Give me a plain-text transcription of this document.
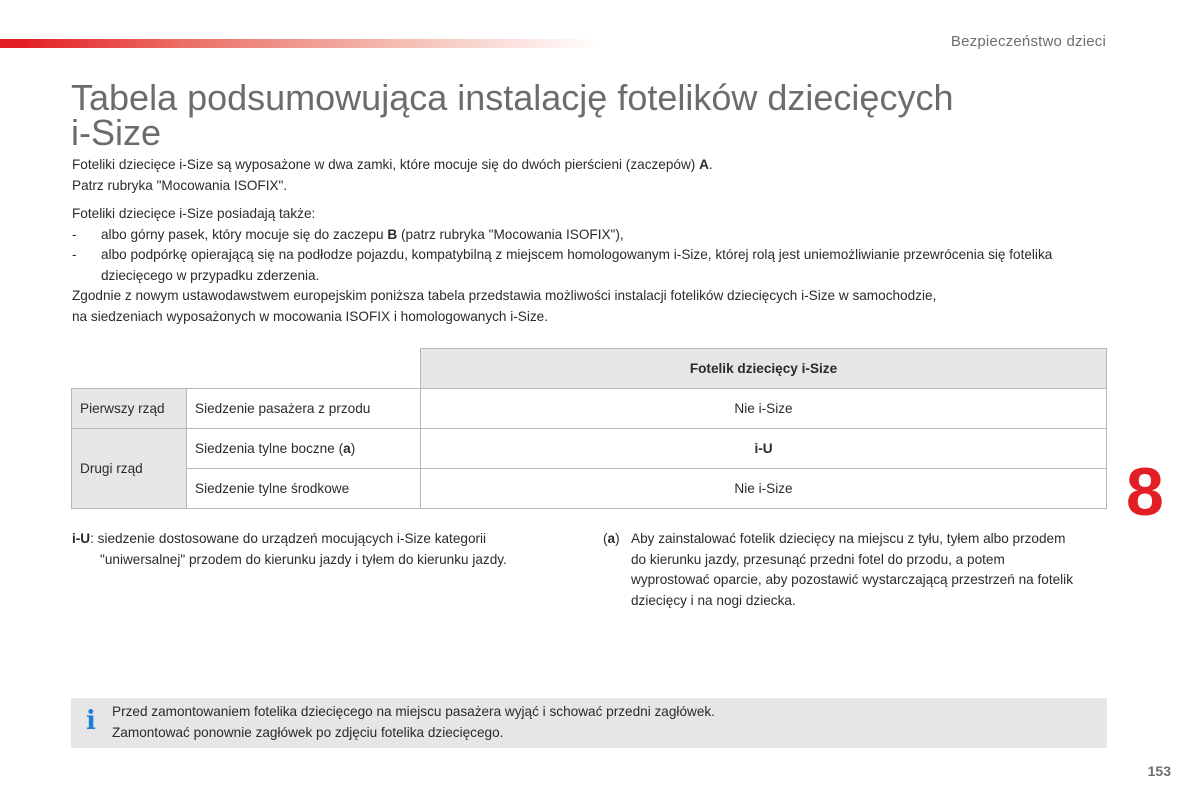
Bezpieczeństwo dzieci
Tabela podsumowująca instalację fotelików dziecięcych
i-Size

Foteliki dziecięce i-Size są wyposażone w dwa zamki, które mocuje się do dwóch pierścieni (zaczepów) A.

Patrz rubryka "Mocowania ISOFIX".

Foteliki dziecięce i-Size posiadają także:

- albo górny pasek, który mocuje się do zaczepu B (patrz rubryka "Mocowania ISOFIX"),

- albo podpórkę opierającą się na podłodze pojazdu, kompatybilną z miejscem homologowanym i-Size, której rolą jest uniemożliwianie przewrócenia się fotelika dziecięcego w przypadku zderzenia.

Zgodnie z nowym ustawodawstwem europejskim poniższa tabela przedstawia możliwości instalacji fotelików dziecięcych i-Size w samochodzie,
na siedzeniach wyposażonych w mocowania ISOFIX i homologowanych i-Size.

		Fotelik dziecięcy i-Size
Pierwszy rząd	Siedzenie pasażera z przodu	Nie i-Size
Drugi rząd	Siedzenia tylne boczne (a)	i-U
	Siedzenie tylne środkowe	Nie i-Size

i-U: siedzenie dostosowane do urządzeń mocujących i-Size kategorii

"uniwersalnej" przodem do kierunku jazdy i tyłem do kierunku jazdy.

(a) Aby zainstalować fotelik dziecięcy na miejscu z tyłu, tyłem albo przodem do kierunku jazdy, przesunąć przedni fotel do przodu, a potem wyprostować oparcie, aby pozostawić wystarczającą przestrzeń na fotelik dziecięcy i na nogi dziecka.
8
i Przed zamontowaniem fotelika dziecięcego na miejscu pasażera wyjąć i schować przedni zagłówek.

Zamontować ponownie zagłówek po zdjęciu fotelika dziecięcego.

153
